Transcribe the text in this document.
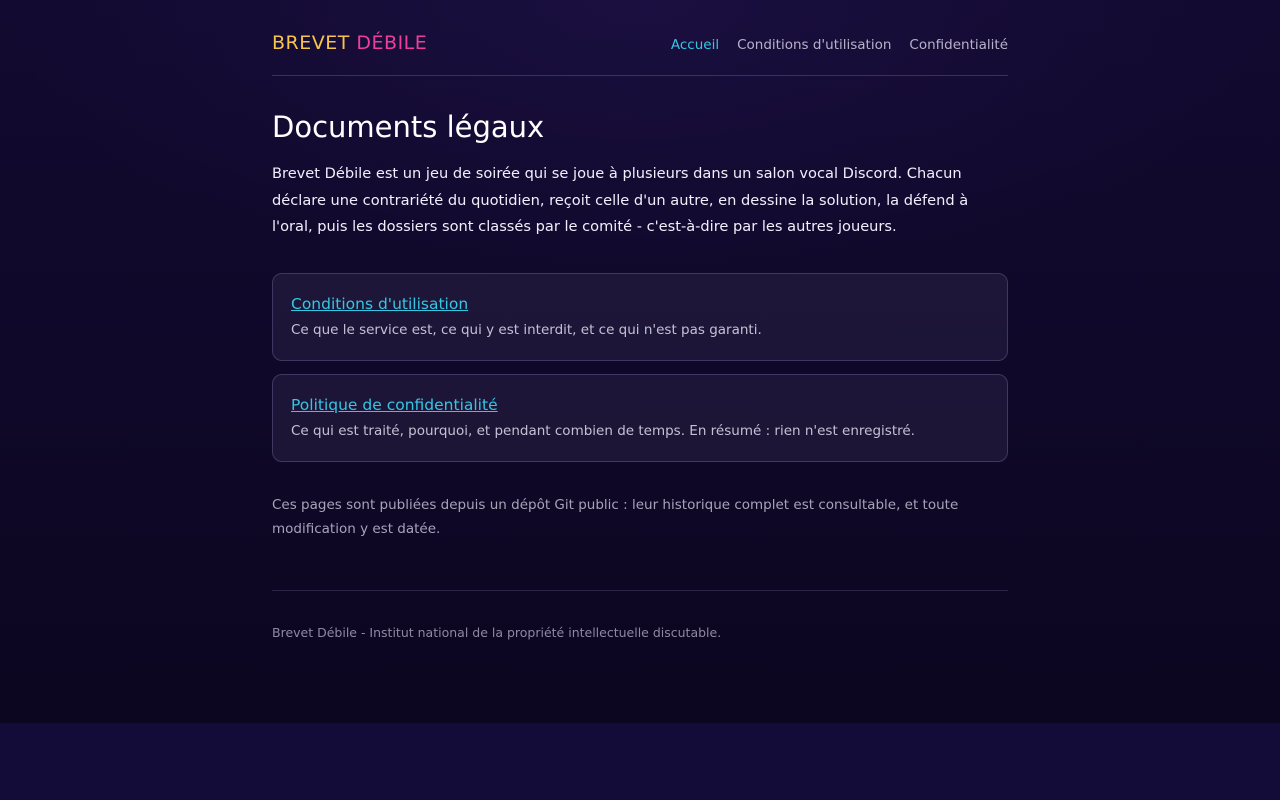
BREVET DÉBILE	Accueil Conditions d'utilisation Confidentialité
Documents légaux

Brevet Débile est un jeu de soirée qui se joue à plusieurs dans un salon vocal Discord. Chacun déclare une contrariété du quotidien, reçoit celle d'un autre, en dessine la solution, la défend à l'oral, puis les dossiers sont classés par le comité - c'est-à-dire par les autres joueurs.

Conditions d'utilisation
Ce que le service est, ce qui y est interdit, et ce qui n'est pas garanti.
Politique de confidentialité
Ce qui est traité, pourquoi, et pendant combien de temps. En résumé : rien n'est enregistré.

Ces pages sont publiées depuis un dépôt Git public : leur historique complet est consultable, et toute modification y est datée.

Brevet Débile - Institut national de la propriété intellectuelle discutable.
